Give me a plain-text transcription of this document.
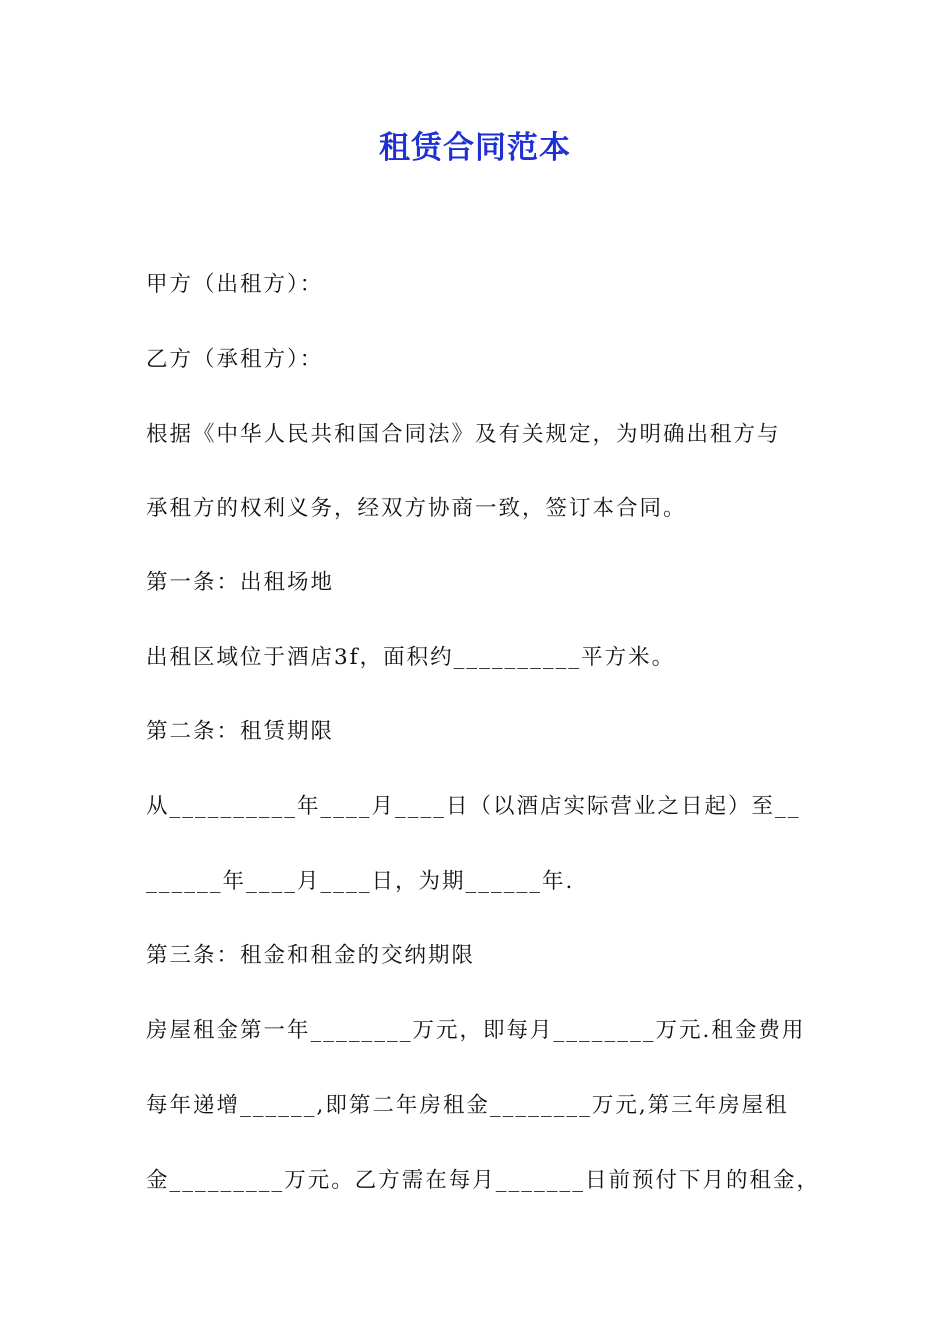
租赁合同范本

甲方（出租方）：

乙方（承租方）：

根据《中华人民共和国合同法》及有关规定，为明确出租方与

承租方的权利义务，经双方协商一致，签订本合同。

第一条：出租场地

出租区域位于酒店3f，面积约__________平方米。

第二条：租赁期限

从__________年____月____日（以酒店实际营业之日起）至__

______年____月____日，为期______年.

第三条：租金和租金的交纳期限

房屋租金第一年________万元，即每月________万元.租金费用

每年递增______,即第二年房租金________万元,第三年房屋租

金_________万元。乙方需在每月_______日前预付下月的租金，
